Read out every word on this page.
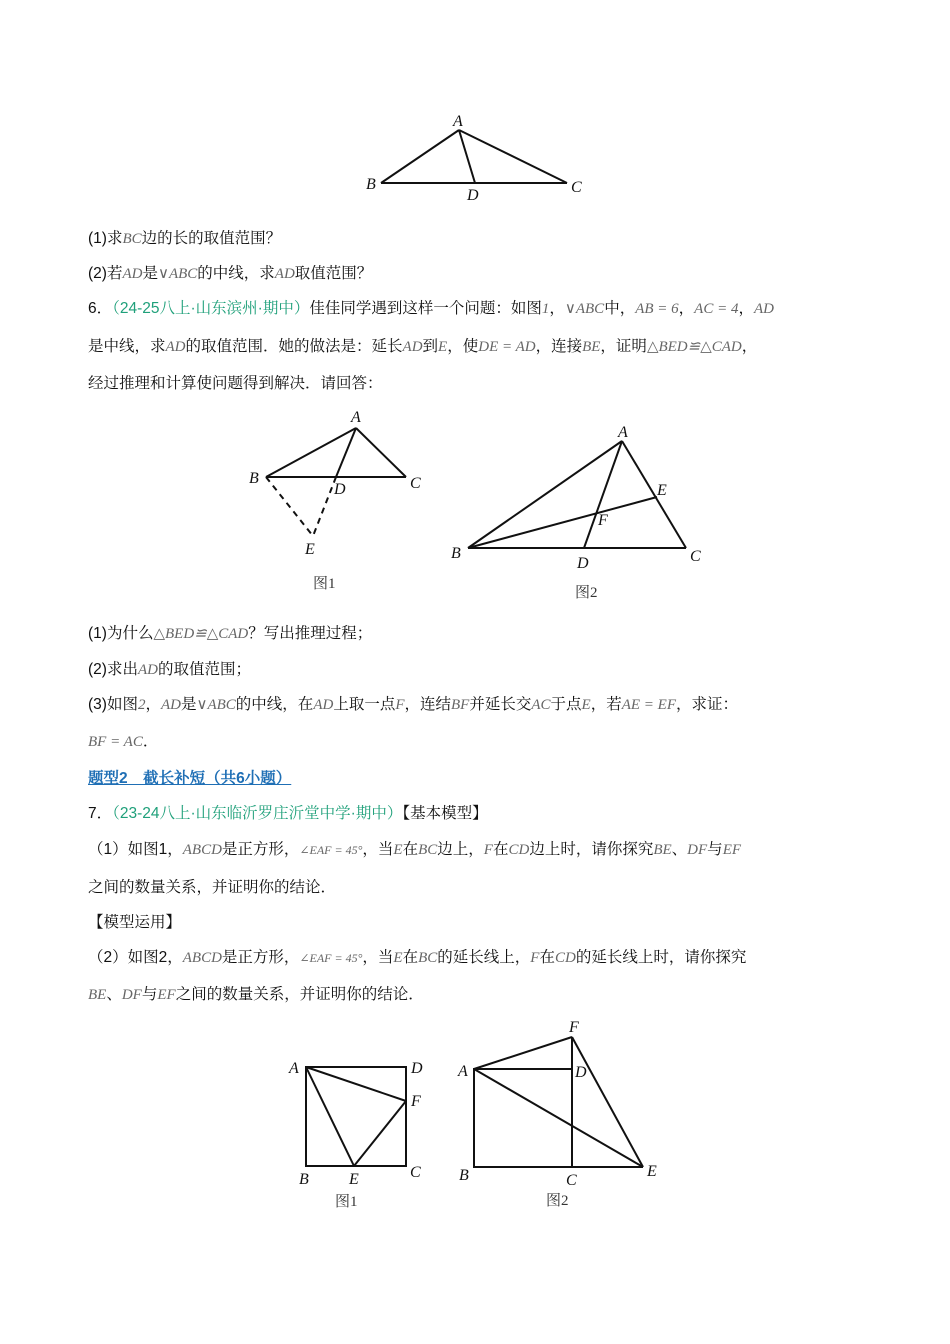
A
B	C
D
(1)求BC边的长的取值范围？
(2)若AD是∨ABC的中线，求AD取值范围？
6．（24-25八上·山东滨州·期中）佳佳同学遇到这样一个问题：如图1，∨ABC中，AB = 6，AC = 4，AD
是中线，求AD的取值范围．她的做法是：延长AD到E，使DE = AD，连接BE，证明△BED≌△CAD，
经过推理和计算使问题得到解决．请回答：
A
B	C
D
E
图1
A
B	C
D
E
F
图2
(1)为什么△BED≌△CAD？写出推理过程；
(2)求出AD的取值范围；
(3)如图2，AD是∨ABC的中线，在AD上取一点F，连结BF并延长交AC于点E，若AE = EF，求证：
BF = AC．
题型2　截长补短（共6小题）
7．（23-24八上·山东临沂罗庄沂堂中学·期中）【基本模型】
（1）如图1，ABCD是正方形，∠EAF = 45°，当E在BC边上，F在CD边上时，请你探究BE、DF与EF
之间的数量关系，并证明你的结论．
【模型运用】
（2）如图2，ABCD是正方形，∠EAF = 45°，当E在BC的延长线上，F在CD的延长线上时，请你探究
BE、DF与EF之间的数量关系，并证明你的结论．
A
B	C
D
E
F
图1
A
B	C
D
E
F
图2
